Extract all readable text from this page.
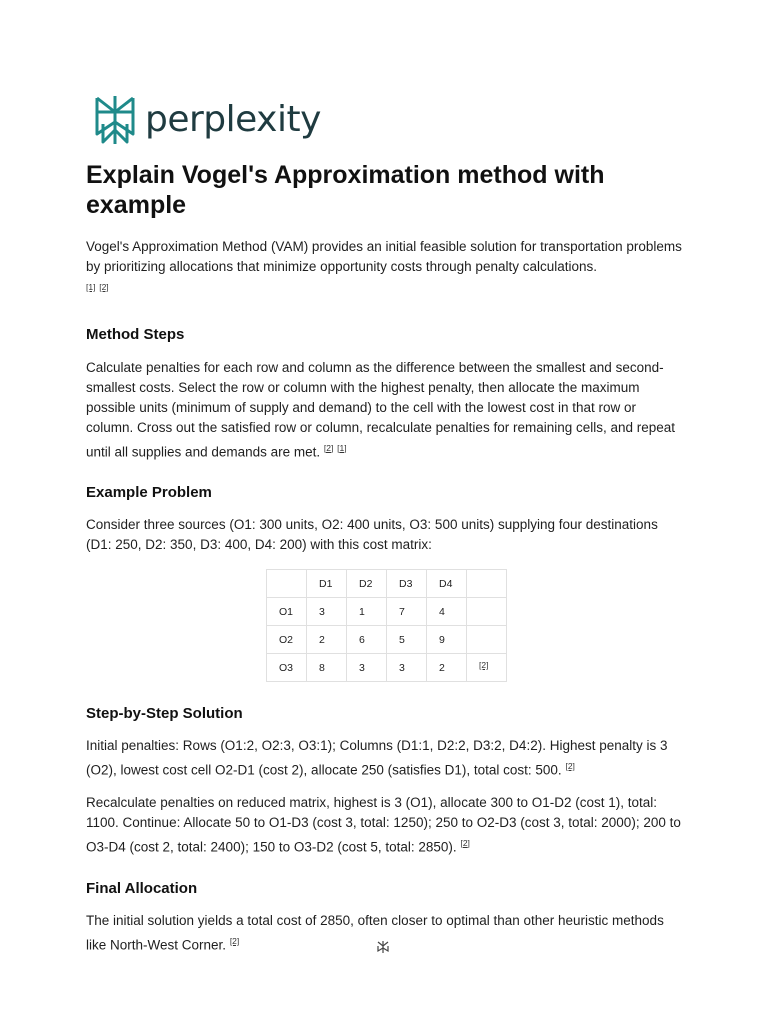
perplexity
Explain Vogel's Approximation method with example

Vogel's Approximation Method (VAM) provides an initial feasible solution for transportation problems by prioritizing allocations that minimize opportunity costs through penalty calculations.
[1] [2]

Method Steps

Calculate penalties for each row and column as the difference between the smallest and second-smallest costs. Select the row or column with the highest penalty, then allocate the maximum possible units (minimum of supply and demand) to the cell with the lowest cost in that row or column. Cross out the satisfied row or column, recalculate penalties for remaining cells, and repeat until all supplies and demands are met. [2] [1]

Example Problem

Consider three sources (O1: 300 units, O2: 400 units, O3: 500 units) supplying four destinations (D1: 250, D2: 350, D3: 400, D4: 200) with this cost matrix:

	D1	D2	D3	D4	
O1	3	1	7	4	
O2	2	6	5	9	
O3	8	3	3	2	[2]
Step-by-Step Solution

Initial penalties: Rows (O1:2, O2:3, O3:1); Columns (D1:1, D2:2, D3:2, D4:2). Highest penalty is 3 (O2), lowest cost cell O2-D1 (cost 2), allocate 250 (satisfies D1), total cost: 500. [2]

Recalculate penalties on reduced matrix, highest is 3 (O1), allocate 300 to O1-D2 (cost 1), total: 1100. Continue: Allocate 50 to O1-D3 (cost 3, total: 1250); 250 to O2-D3 (cost 3, total: 2000); 200 to O3-D4 (cost 2, total: 2400); 150 to O3-D2 (cost 5, total: 2850). [2]

Final Allocation

The initial solution yields a total cost of 2850, often closer to optimal than other heuristic methods like North-West Corner. [2]
